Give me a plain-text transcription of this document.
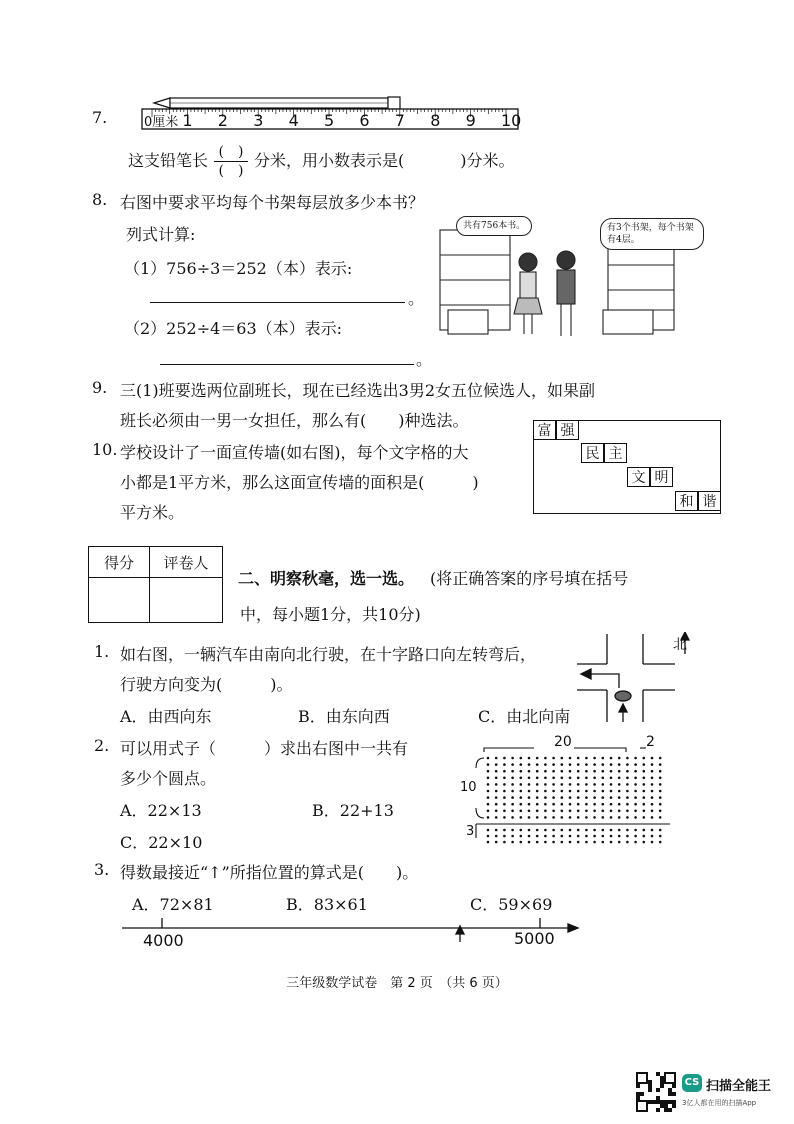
7.	0厘米 1 2 3 4 5 6 7 8 9 10
这支铅笔长 $\frac{( )}{( )}$ 分米，用小数表示是(	)分米。
8. 右图中要求平均每个书架每层放多少本书？
列式计算:
（1）756÷3＝252（本）表示:
。
（2）252÷4＝63（本）表示:
。
共有756本书。	有3个书架，每个书架有4层。
9. 三(1)班要选两位副班长，现在已经选出3男2女五位候选人，如果副
班长必须由一男一女担任，那么有(　　)种选法。
10. 学校设计了一面宣传墙(如右图)，每个文字格的大
小都是1平方米，那么这面宣传墙的面积是(　　　)
平方米。
富 强
民 主
文 明
和 谐
得分	评卷人

二、明察秋毫，选一选。 (将正确答案的序号填在括号
中，每小题1分，共10分)
1. 如右图，一辆汽车由南向北行驶，在十字路口向左转弯后，
行驶方向变为(　　　)。
A．由西向东	B．由东向西	C．由北向南
北
2. 可以用式子（　　　）求出右图中一共有
多少个圆点。
A．22×13	B．22+13
C．22×10
20	2
10
3
3. 得数最接近“↑”所指位置的算式是(　　)。
A．72×81	B．83×61	C．59×69
4000	5000
三年级数学试卷　第 2 页　（共 6 页）
CS 扫描全能王
3亿人都在用的扫描App
